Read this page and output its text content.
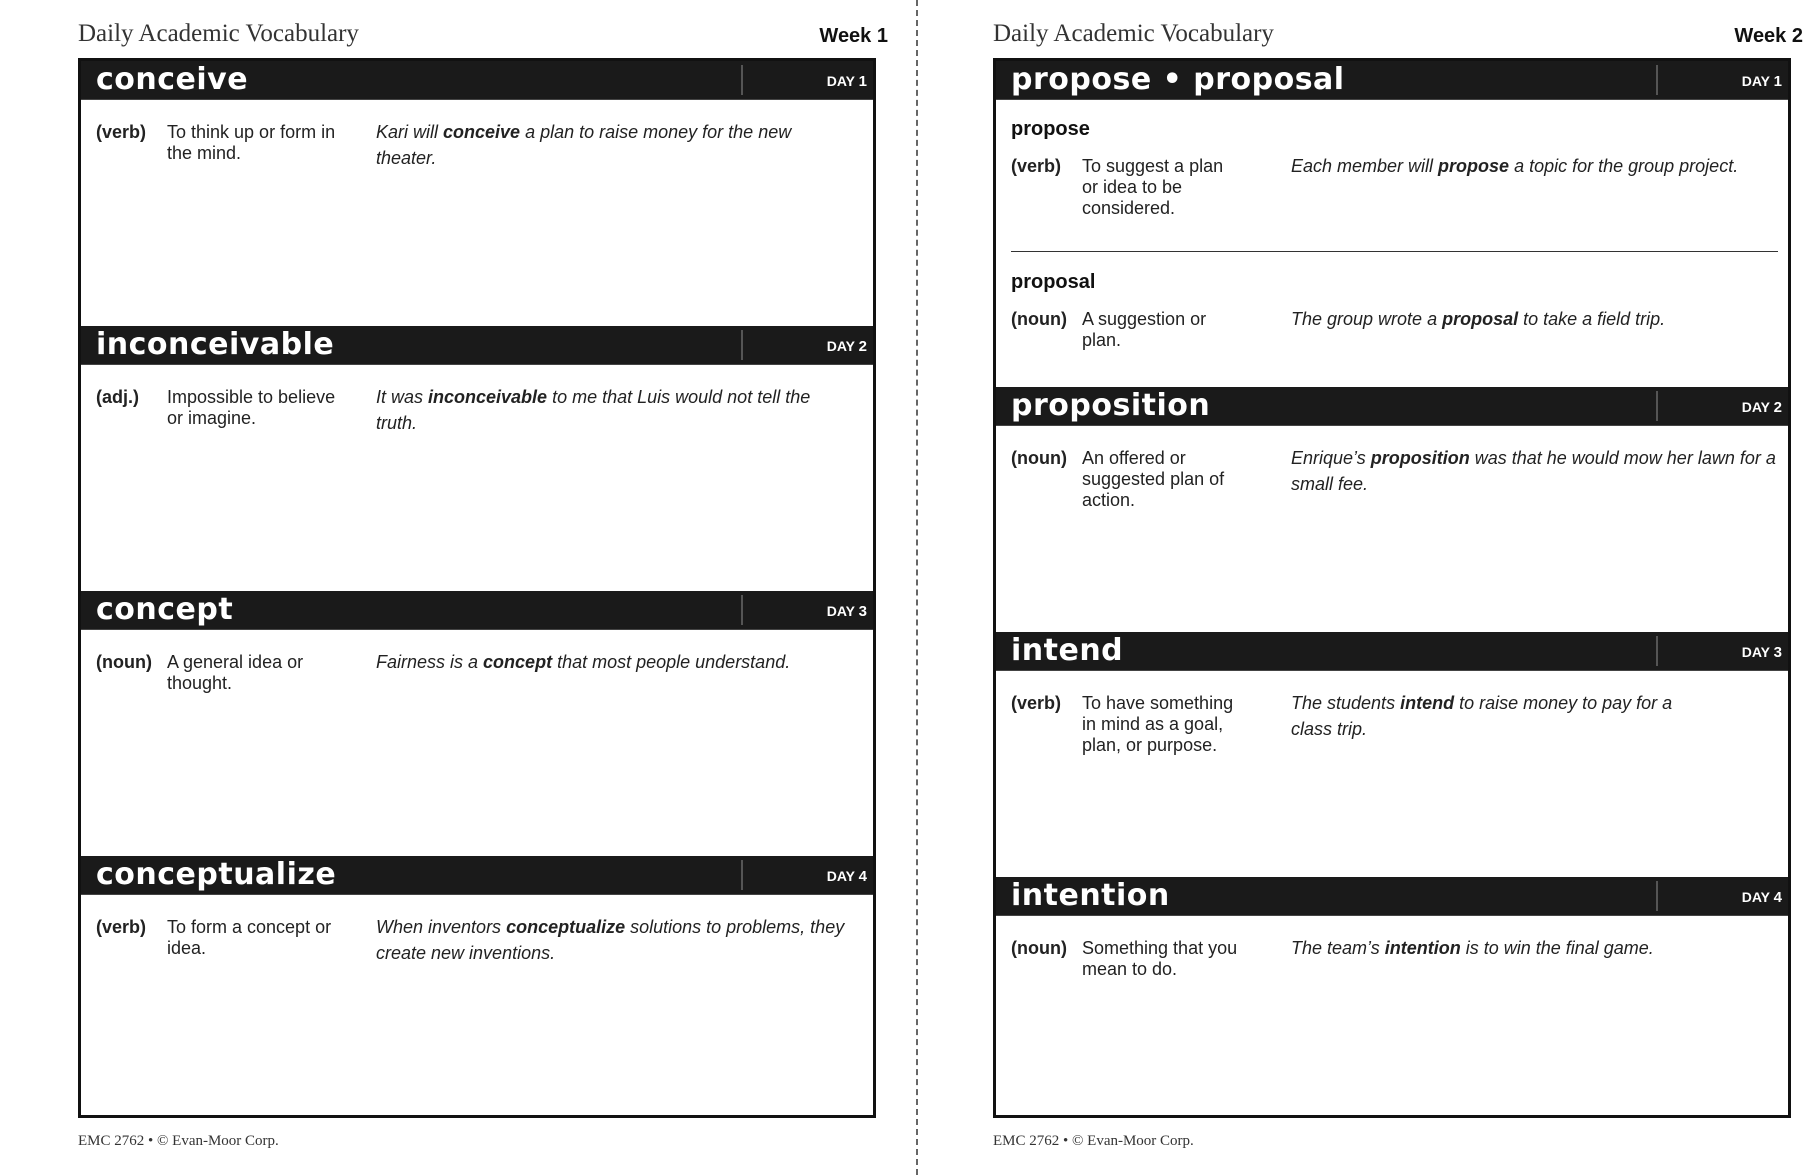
Daily Academic Vocabulary	Week 1
conceive	DAY 1
(verb) To think up or form in the mind.
Kari will conceive a plan to raise money for the new theater.
inconceivable	DAY 2
(adj.) Impossible to believe or imagine.
It was inconceivable to me that Luis would not tell the truth.
concept	DAY 3
(noun) A general idea or thought.
Fairness is a concept that most people understand.
conceptualize	DAY 4
(verb) To form a concept or idea.
When inventors conceptualize solutions to problems, they create new inventions.
EMC 2762 • © Evan-Moor Corp.
Daily Academic Vocabulary	Week 2
propose • proposal	DAY 1
propose
(verb) To suggest a plan or idea to be considered.
Each member will propose a topic for the group project.
proposal
(noun) A suggestion or plan.
The group wrote a proposal to take a field trip.
proposition	DAY 2
(noun) An offered or suggested plan of action.
Enrique’s proposition was that he would mow her lawn for a small fee.
intend	DAY 3
(verb) To have something in mind as a goal, plan, or purpose.
The students intend to raise money to pay for a class trip.
intention	DAY 4
(noun) Something that you mean to do.
The team’s intention is to win the final game.
EMC 2762 • © Evan-Moor Corp.
